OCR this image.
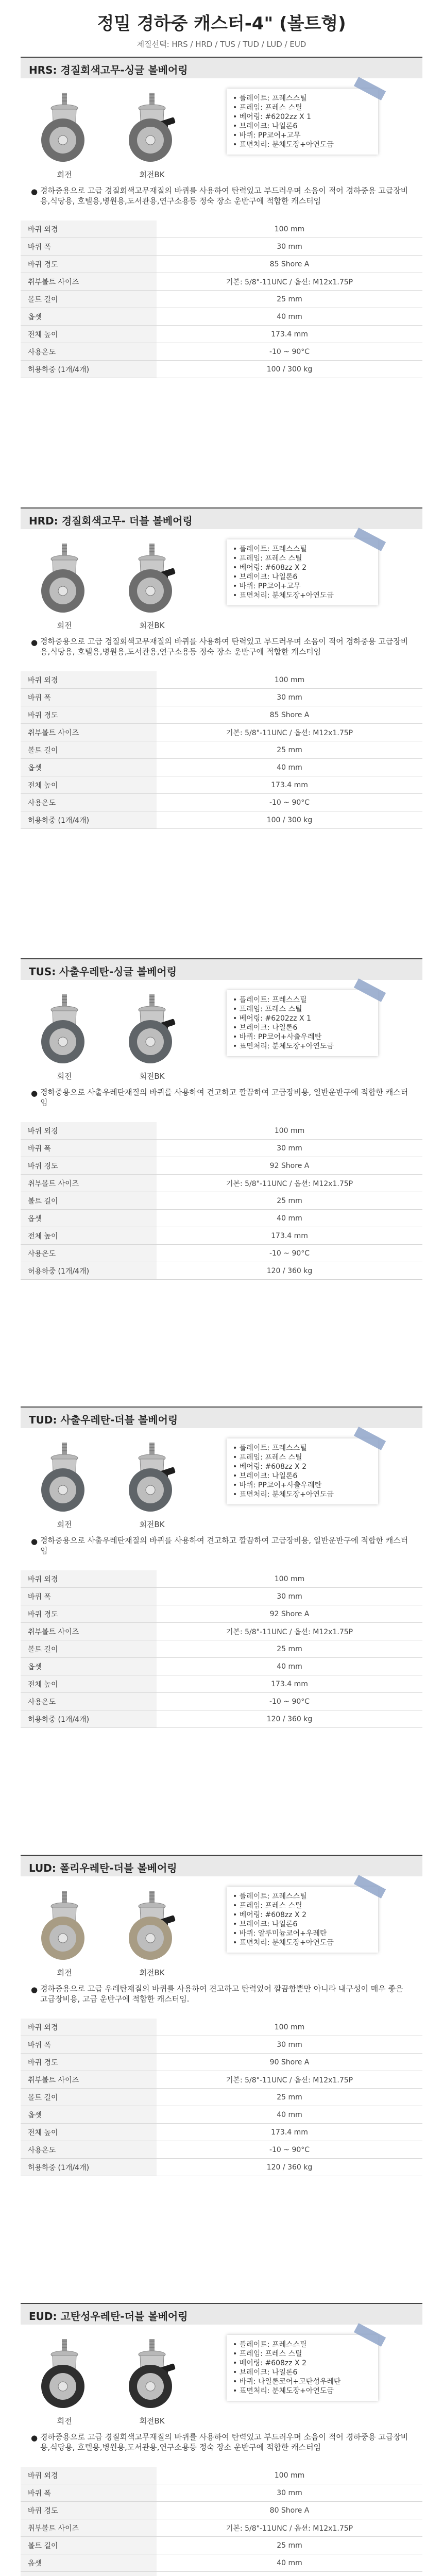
정밀 경하중 캐스터-4" (볼트형)
제질선택: HRS / HRD / TUS / TUD / LUD / EUD
HRS: 경질회색고무-싱글 볼베어링
회전	회전BK
• 플레이트: 프레스스틸
• 프레임: 프레스 스틸
• 베어링: #6202zz X 1
• 브레이크: 나일론6
• 바퀴: PP코어+고무
• 표면처리: 분체도장+아연도금
● 경하중용으로 고급 경질회색고무재질의 바퀴를 사용하여 탄력있고 부드러우며 소음이 적어 경하중용 고급장비용,식당용, 호텔용,병원용,도서관용,연구소용등 정숙 장소 운반구에 적합한 캐스터임
바퀴 외경	100 mm
바퀴 폭	30 mm
바퀴 경도	85 Shore A
취부볼트 사이즈	기본: 5/8"-11UNC / 옵션: M12x1.75P
볼트 길이	25 mm
옵셋	40 mm
전체 높이	173.4 mm
사용온도	-10 ~ 90°C
허용하중 (1개/4개)	100 / 300 kg
HRD: 경질회색고무- 더블 볼베어링
회전	회전BK
• 플레이트: 프레스스틸
• 프레임: 프레스 스틸
• 베어링: #608zz X 2
• 브레이크: 나일론6
• 바퀴: PP코어+고무
• 표면처리: 분체도장+아연도금
● 경하중용으로 고급 경질회색고무재질의 바퀴를 사용하여 탄력있고 부드러우며 소음이 적어 경하중용 고급장비용,식당용, 호텔용,병원용,도서관용,연구소용등 정숙 장소 운반구에 적합한 캐스터임
바퀴 외경	100 mm
바퀴 폭	30 mm
바퀴 경도	85 Shore A
취부볼트 사이즈	기본: 5/8"-11UNC / 옵션: M12x1.75P
볼트 길이	25 mm
옵셋	40 mm
전체 높이	173.4 mm
사용온도	-10 ~ 90°C
허용하중 (1개/4개)	100 / 300 kg
TUS: 사출우레탄-싱글 볼베어링
회전	회전BK
• 플레이트: 프레스스틸
• 프레임: 프레스 스틸
• 베어링: #6202zz X 1
• 브레이크: 나일론6
• 바퀴: PP코어+사출우레탄
• 표면처리: 분체도장+아연도금
● 경하중용으로 사출우레탄재질의 바퀴를 사용하여 견고하고 깔끔하여 고급장비용, 일반운반구에 적합한 캐스터임
바퀴 외경	100 mm
바퀴 폭	30 mm
바퀴 경도	92 Shore A
취부볼트 사이즈	기본: 5/8"-11UNC / 옵션: M12x1.75P
볼트 길이	25 mm
옵셋	40 mm
전체 높이	173.4 mm
사용온도	-10 ~ 90°C
허용하중 (1개/4개)	120 / 360 kg
TUD: 사출우레탄-더블 볼베어링
회전	회전BK
• 플레이트: 프레스스틸
• 프레임: 프레스 스틸
• 베어링: #608zz X 2
• 브레이크: 나일론6
• 바퀴: PP코어+사출우레탄
• 표면처리: 분체도장+아연도금
● 경하중용으로 사출우레탄재질의 바퀴를 사용하여 견고하고 깔끔하여 고급장비용, 일반운반구에 적합한 캐스터임
바퀴 외경	100 mm
바퀴 폭	30 mm
바퀴 경도	92 Shore A
취부볼트 사이즈	기본: 5/8"-11UNC / 옵션: M12x1.75P
볼트 길이	25 mm
옵셋	40 mm
전체 높이	173.4 mm
사용온도	-10 ~ 90°C
허용하중 (1개/4개)	120 / 360 kg
LUD: 폴리우레탄-더블 볼베어링
회전	회전BK
• 플레이트: 프레스스틸
• 프레임: 프레스 스틸
• 베어링: #608zz X 2
• 브레이크: 나일론6
• 바퀴: 알루미늄코어+우레탄
• 표면처리: 분체도장+아연도금
● 경하중용으로 고급 우레탄재질의 바퀴를 사용하여 견고하고 탄력있어 깔끔함뿐만 아니라 내구성이 매우 좋은 고급장비용, 고급 운반구에 적합한 캐스터임.
바퀴 외경	100 mm
바퀴 폭	30 mm
바퀴 경도	90 Shore A
취부볼트 사이즈	기본: 5/8"-11UNC / 옵션: M12x1.75P
볼트 길이	25 mm
옵셋	40 mm
전체 높이	173.4 mm
사용온도	-10 ~ 90°C
허용하중 (1개/4개)	120 / 360 kg
EUD: 고탄성우레탄-더블 볼베어링
회전	회전BK
• 플레이트: 프레스스틸
• 프레임: 프레스 스틸
• 베어링: #608zz X 2
• 브레이크: 나일론6
• 바퀴: 나일론코어+고탄성우레탄
• 표면처리: 분체도장+아연도금
● 경하중용으로 고급 경질회색고무재질의 바퀴를 사용하여 탄력있고 부드러우며 소음이 적어 경하중용 고급장비용,식당용, 호텔용,병원용,도서관용,연구소용등 정숙 장소 운반구에 적합한 캐스터임
바퀴 외경	100 mm
바퀴 폭	30 mm
바퀴 경도	80 Shore A
취부볼트 사이즈	기본: 5/8"-11UNC / 옵션: M12x1.75P
볼트 길이	25 mm
옵셋	40 mm
